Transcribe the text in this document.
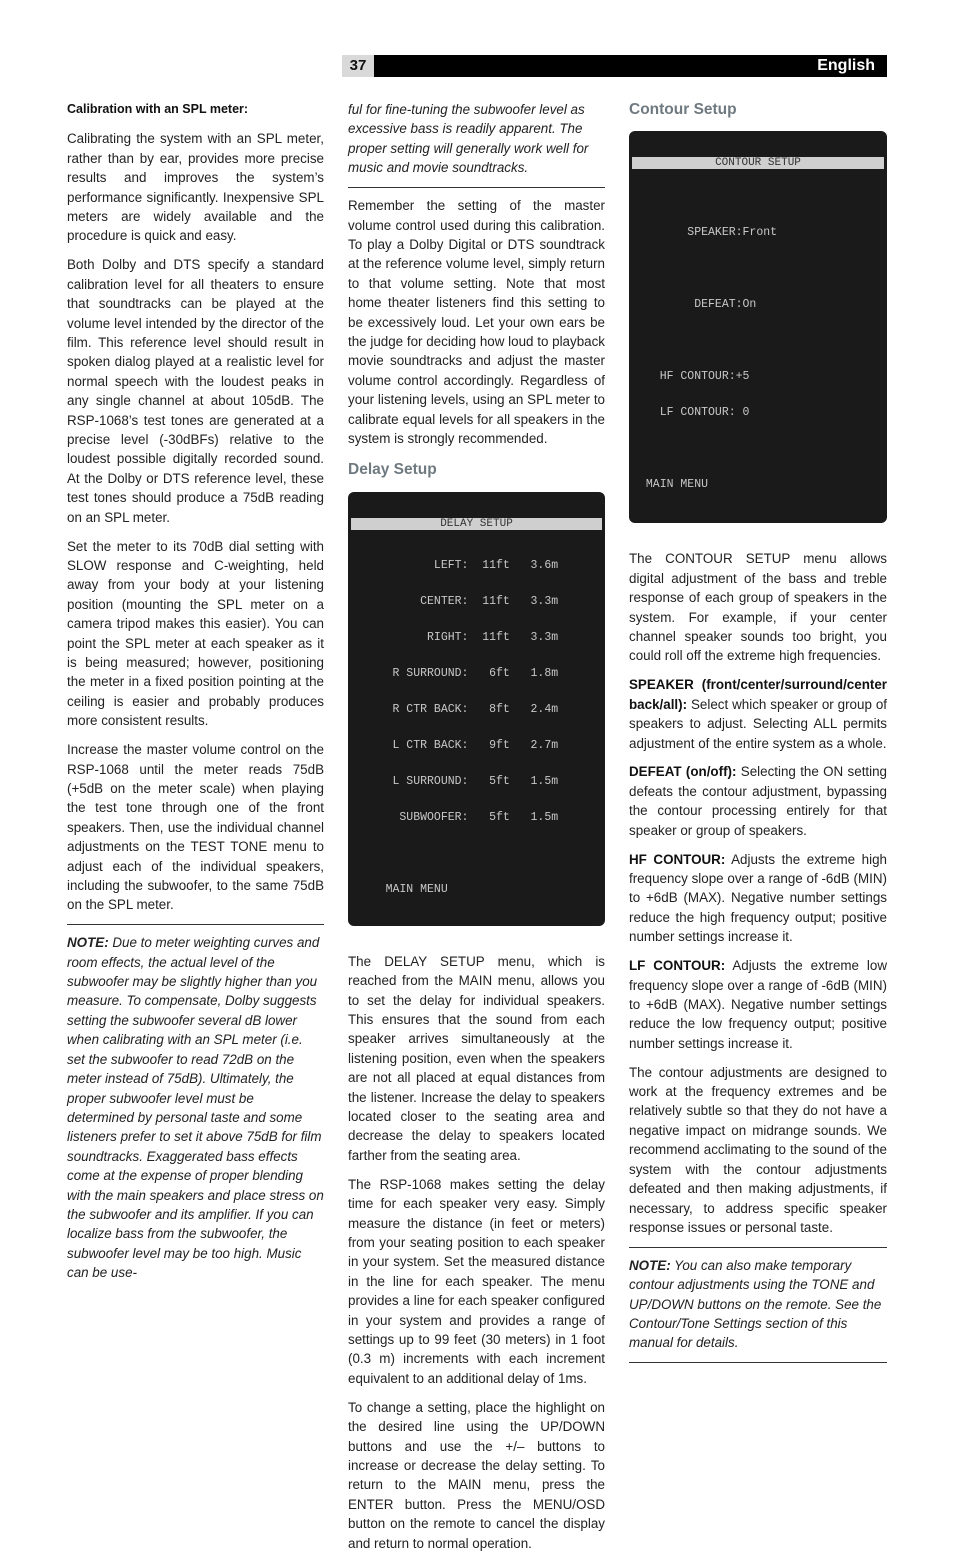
37	English
Calibration with an SPL meter:

Calibrating the system with an SPL meter, rather than by ear, provides more precise results and improves the system’s performance significantly. Inexpensive SPL meters are widely available and the procedure is quick and easy.

Both Dolby and DTS specify a standard calibration level for all theaters to ensure that soundtracks can be played at the volume level intended by the director of the film. This reference level should result in spoken dialog played at a realistic level for normal speech with the loudest peaks in any single channel at about 105dB. The RSP-1068’s test tones are generated at a precise level (-30dBFs) relative to the loudest possible digitally recorded sound. At the Dolby or DTS reference level, these test tones should produce a 75dB reading on an SPL meter.

Set the meter to its 70dB dial setting with SLOW response and C-weighting, held away from your body at your listening position (mounting the SPL meter on a camera tripod makes this easier). You can point the SPL meter at each speaker as it is being measured; however, positioning the meter in a fixed position pointing at the ceiling is easier and probably produces more consistent results.

Increase the master volume control on the RSP-1068 until the meter reads 75dB (+5dB on the meter scale) when playing the test tone through one of the front speakers. Then, use the individual channel adjustments on the TEST TONE menu to adjust each of the individual speakers, including the subwoofer, to the same 75dB on the SPL meter.

NOTE: Due to meter weighting curves and room effects, the actual level of the subwoofer may be slightly higher than you measure. To compensate, Dolby suggests setting the subwoofer several dB lower when calibrating with an SPL meter (i.e. set the subwoofer to read 72dB on the meter instead of 75dB). Ultimately, the proper subwoofer level must be determined by personal taste and some listeners prefer to set it above 75dB for film soundtracks. Exaggerated bass effects come at the expense of proper blending with the main speakers and place stress on the subwoofer and its amplifier. If you can localize bass from the subwoofer, the subwoofer level may be too high. Music can be use-

ful for fine-tuning the subwoofer level as excessive bass is readily apparent. The proper setting will generally work well for music and movie soundtracks.

Remember the setting of the master volume control used during this calibration. To play a Dolby Digital or DTS soundtrack at the reference volume level, simply return to that volume setting. Note that most home theater listeners find this setting to be excessively loud. Let your own ears be the judge for deciding how loud to playback movie soundtracks and adjust the master volume control accordingly. Regardless of your listening levels, using an SPL meter to calibrate equal levels for all speakers in the system is strongly recommended.

Delay Setup

DELAY SETUP

LEFT:  11ft   3.6m

CENTER:  11ft   3.3m

RIGHT:  11ft   3.3m

R SURROUND:   6ft   1.8m

R CTR BACK:   8ft   2.4m

L CTR BACK:   9ft   2.7m

L SURROUND:   5ft   1.5m

SUBWOOFER:   5ft   1.5m

MAIN MENU

The DELAY SETUP menu, which is reached from the MAIN menu, allows you to set the delay for individual speakers. This ensures that the sound from each speaker arrives simultaneously at the listening position, even when the speakers are not all placed at equal distances from the listener. Increase the delay to speakers located closer to the seating area and decrease the delay to speakers located farther from the seating area.

The RSP-1068 makes setting the delay time for each speaker very easy. Simply measure the distance (in feet or meters) from your seating position to each speaker in your system. Set the measured distance in the line for each speaker. The menu provides a line for each speaker configured in your system and provides a range of settings up to 99 feet (30 meters) in 1 foot (0.3 m) increments with each increment equivalent to an additional delay of 1ms.

To change a setting, place the highlight on the desired line using the UP/DOWN buttons and use the +/– buttons to increase or decrease the delay setting. To return to the MAIN menu, press the ENTER button. Press the MENU/OSD button on the remote to cancel the display and return to normal operation.

Contour Setup

CONTOUR SETUP

SPEAKER:Front

DEFEAT:On

HF CONTOUR:+5

LF CONTOUR: 0

MAIN MENU

The CONTOUR SETUP menu allows digital adjustment of the bass and treble response of each group of speakers in the system. For example, if your center channel speaker sounds too bright, you could roll off the extreme high frequencies.

SPEAKER (front/center/surround/center back/all): Select which speaker or group of speakers to adjust. Selecting ALL permits adjustment of the entire system as a whole.

DEFEAT (on/off): Selecting the ON setting defeats the contour adjustment, bypassing the contour processing entirely for that speaker or group of speakers.

HF CONTOUR: Adjusts the extreme high frequency slope over a range of -6dB (MIN) to +6dB (MAX). Negative number settings reduce the high frequency output; positive number settings increase it.

LF CONTOUR: Adjusts the extreme low frequency slope over a range of -6dB (MIN) to +6dB (MAX). Negative number settings reduce the low frequency output; positive number settings increase it.

The contour adjustments are designed to work at the frequency extremes and be relatively subtle so that they do not have a negative impact on midrange sounds. We recommend acclimating to the sound of the system with the contour adjustments defeated and then making adjustments, if necessary, to address specific speaker response issues or personal taste.

NOTE: You can also make temporary contour adjustments using the TONE and UP/DOWN buttons on the remote. See the Contour/Tone Settings section of this manual for details.
